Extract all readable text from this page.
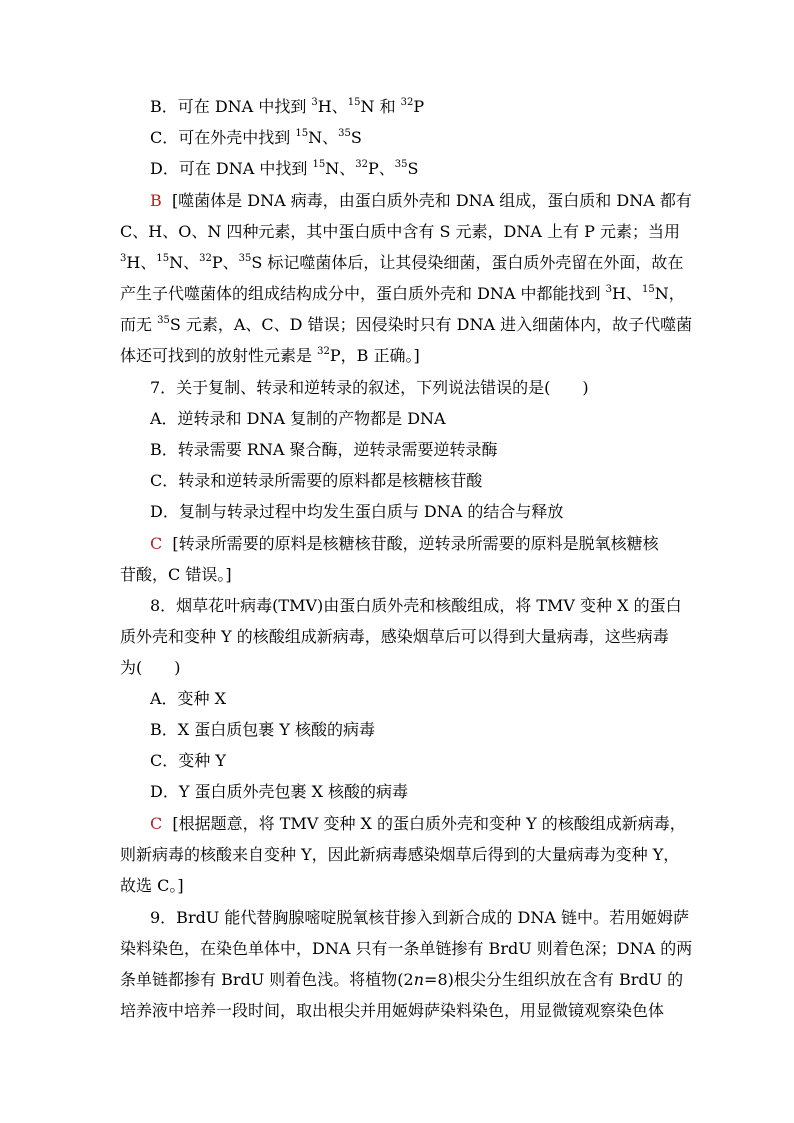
B．可在 DNA 中找到 $^3$H、$^{15}$N 和 $^{32}$P
C．可在外壳中找到 $^{15}$N、$^{35}$S
D．可在 DNA 中找到 $^{15}$N、$^{32}$P、$^{35}$S
B [噬菌体是 DNA 病毒，由蛋白质外壳和 DNA 组成，蛋白质和 DNA 都有
C、H、O、N 四种元素，其中蛋白质中含有 S 元素，DNA 上有 P 元素；当用
$^3$H、$^{15}$N、$^{32}$P、$^{35}$S 标记噬菌体后，让其侵染细菌，蛋白质外壳留在外面，故在
产生子代噬菌体的组成结构成分中，蛋白质外壳和 DNA 中都能找到 $^3$H、$^{15}$N，
而无 $^{35}$S 元素，A、C、D 错误；因侵染时只有 DNA 进入细菌体内，故子代噬菌
体还可找到的放射性元素是 $^{32}$P，B 正确。]
7．关于复制、转录和逆转录的叙述，下列说法错误的是(　　)
A．逆转录和 DNA 复制的产物都是 DNA
B．转录需要 RNA 聚合酶，逆转录需要逆转录酶
C．转录和逆转录所需要的原料都是核糖核苷酸
D．复制与转录过程中均发生蛋白质与 DNA 的结合与释放
C [转录所需要的原料是核糖核苷酸，逆转录所需要的原料是脱氧核糖核
苷酸，C 错误。]
8．烟草花叶病毒(TMV)由蛋白质外壳和核酸组成，将 TMV 变种 X 的蛋白
质外壳和变种 Y 的核酸组成新病毒，感染烟草后可以得到大量病毒，这些病毒
为(　　)
A．变种 X
B．X 蛋白质包裹 Y 核酸的病毒
C．变种 Y
D．Y 蛋白质外壳包裹 X 核酸的病毒
C [根据题意，将 TMV 变种 X 的蛋白质外壳和变种 Y 的核酸组成新病毒，
则新病毒的核酸来自变种 Y，因此新病毒感染烟草后得到的大量病毒为变种 Y，
故选 C。]
9．BrdU 能代替胸腺嘧啶脱氧核苷掺入到新合成的 DNA 链中。若用姬姆萨
染料染色，在染色单体中，DNA 只有一条单链掺有 BrdU 则着色深；DNA 的两
条单链都掺有 BrdU 则着色浅。将植物(2n=8)根尖分生组织放在含有 BrdU 的
培养液中培养一段时间，取出根尖并用姬姆萨染料染色，用显微镜观察染色体
